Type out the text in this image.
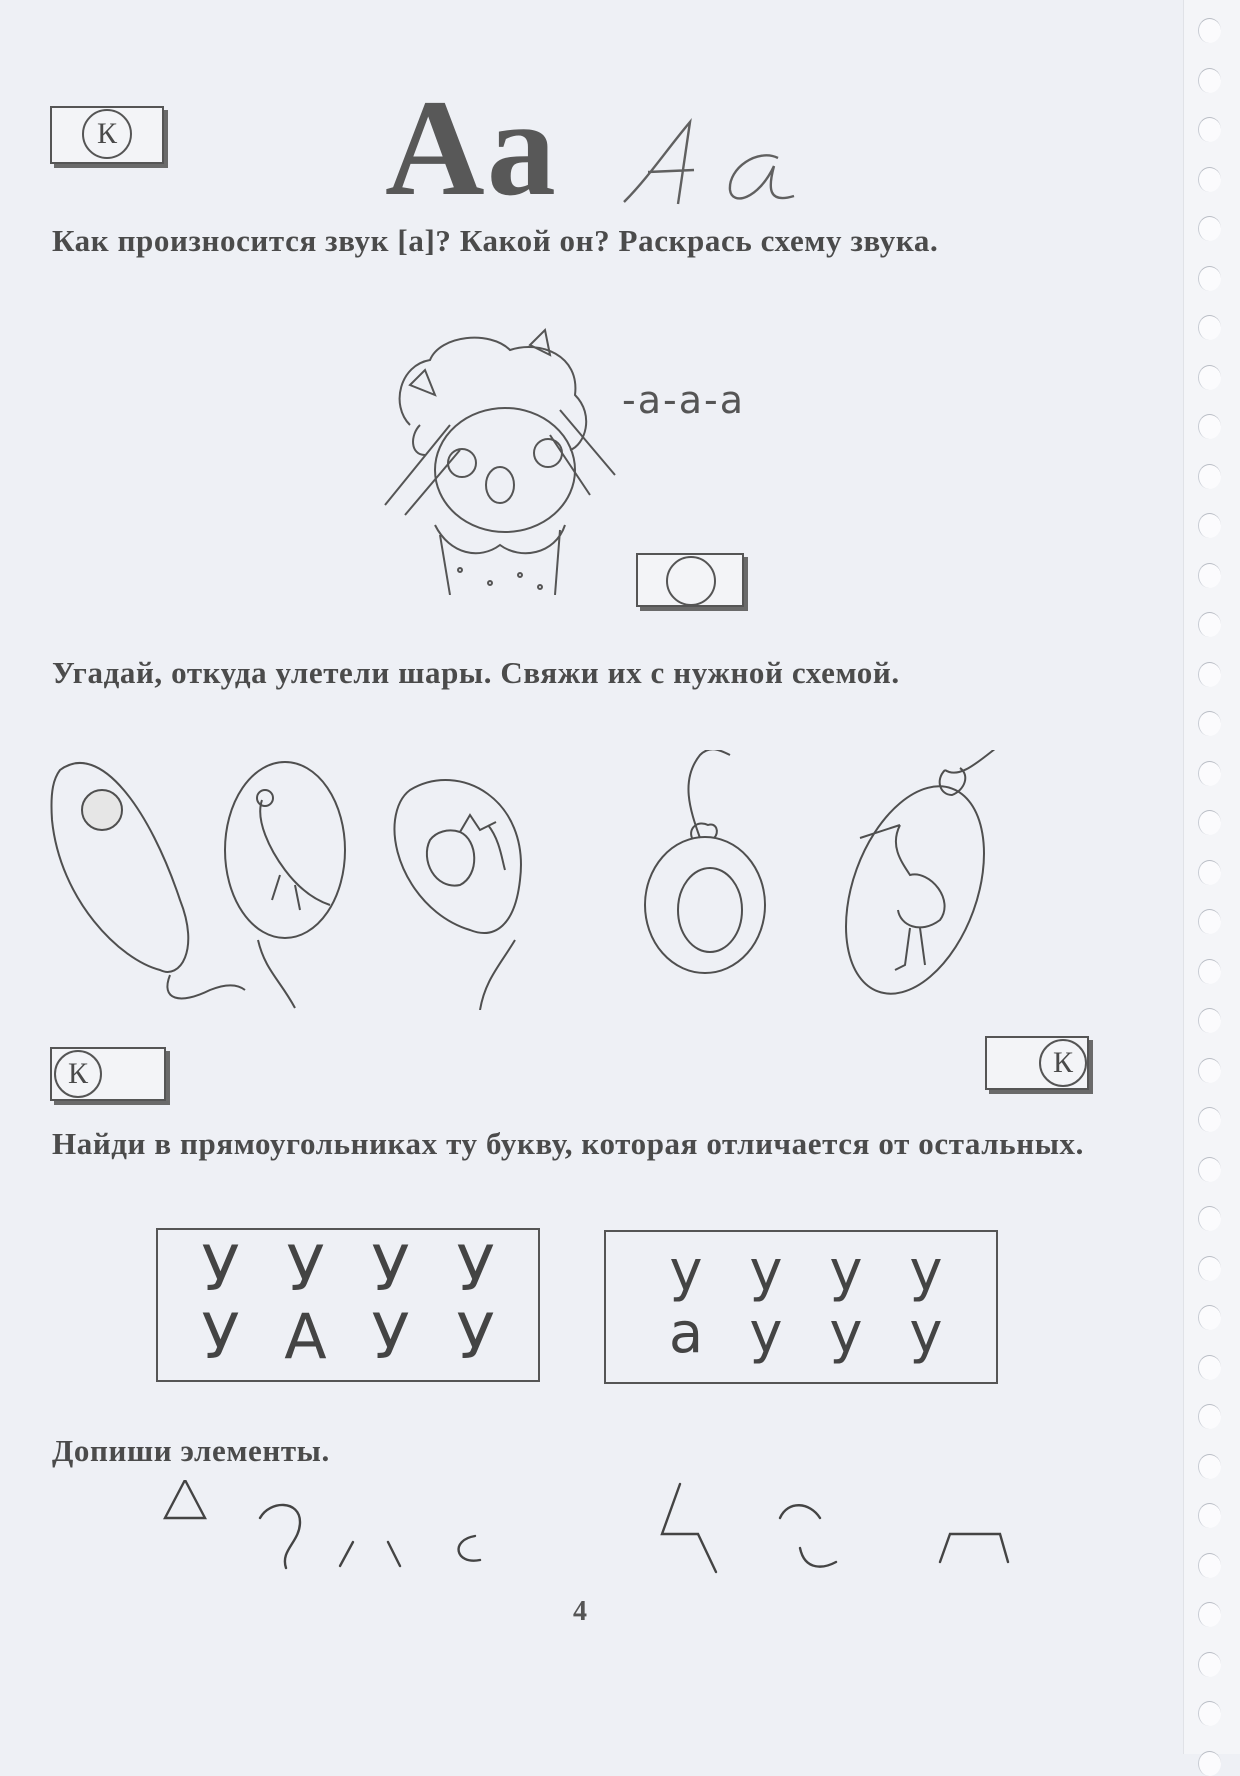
К Аа
Как произносится звук [а]? Какой он? Раскрась схему звука.
-а-а-а
Угадай, откуда улетели шары. Свяжи их с нужной схемой.
К	К
Найди в прямоугольниках ту букву, которая отличается от остальных.
У У У У
У А У У
у у у у
а у у у
Допиши элементы.
4
